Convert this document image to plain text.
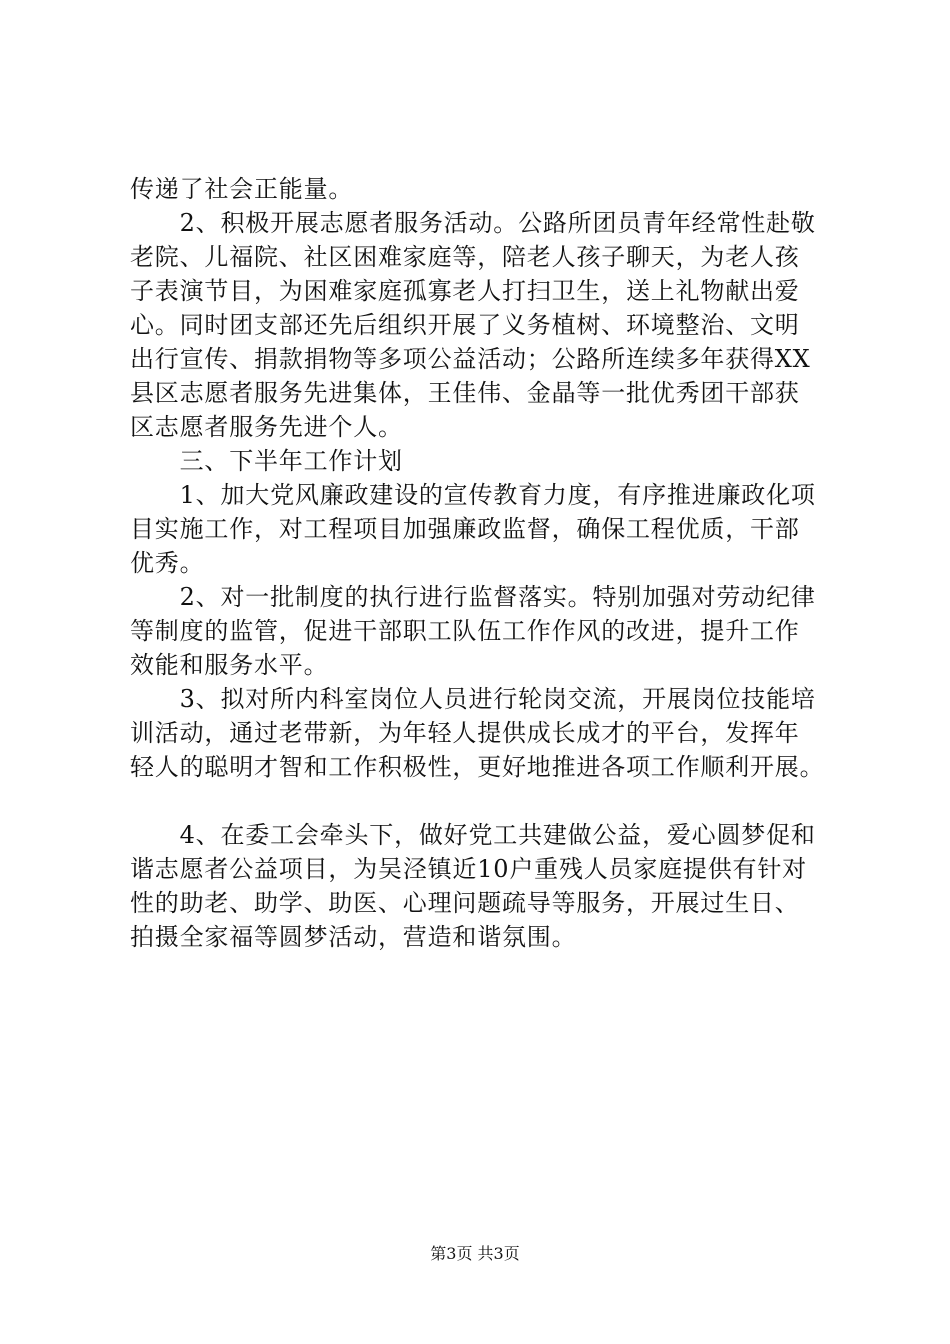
传递了社会正能量。
　　2、积极开展志愿者服务活动。公路所团员青年经常性赴敬
老院、儿福院、社区困难家庭等，陪老人孩子聊天，为老人孩
子表演节目，为困难家庭孤寡老人打扫卫生，送上礼物献出爱
心。同时团支部还先后组织开展了义务植树、环境整治、文明
出行宣传、捐款捐物等多项公益活动；公路所连续多年获得XX
县区志愿者服务先进集体，王佳伟、金晶等一批优秀团干部获
区志愿者服务先进个人。
　　三、下半年工作计划
　　1、加大党风廉政建设的宣传教育力度，有序推进廉政化项
目实施工作，对工程项目加强廉政监督，确保工程优质，干部
优秀。
　　2、对一批制度的执行进行监督落实。特别加强对劳动纪律
等制度的监管，促进干部职工队伍工作作风的改进，提升工作
效能和服务水平。
　　3、拟对所内科室岗位人员进行轮岗交流，开展岗位技能培
训活动，通过老带新，为年轻人提供成长成才的平台，发挥年
轻人的聪明才智和工作积极性，更好地推进各项工作顺利开展。
　　4、在委工会牵头下，做好党工共建做公益，爱心圆梦促和
谐志愿者公益项目，为吴泾镇近10户重残人员家庭提供有针对
性的助老、助学、助医、心理问题疏导等服务，开展过生日、
拍摄全家福等圆梦活动，营造和谐氛围。
第3页 共3页
